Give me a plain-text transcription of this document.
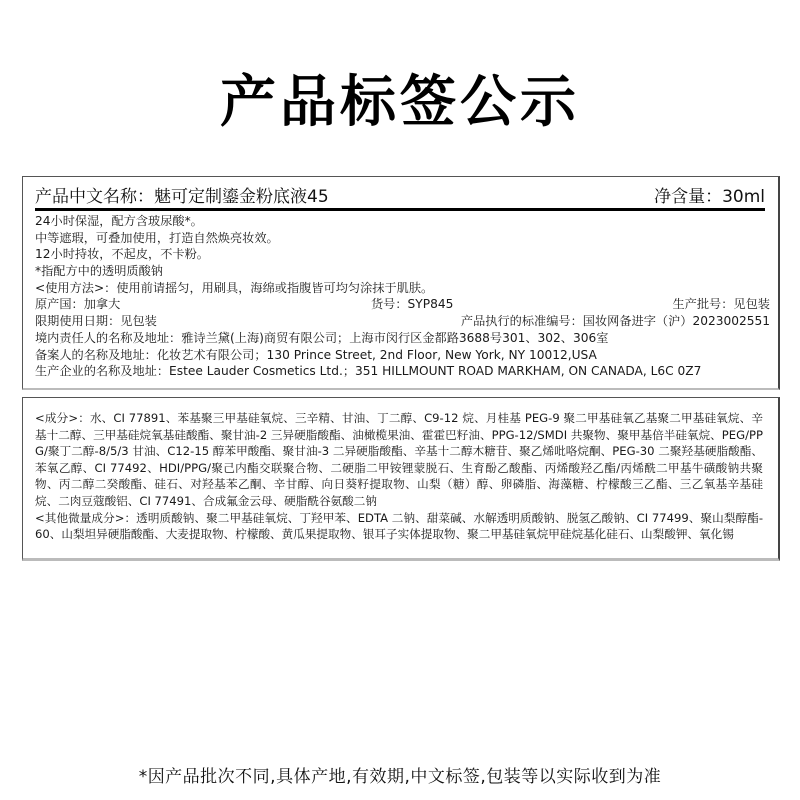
产品标签公示
产品中文名称：魅可定制鎏金粉底液45	净含量：30ml
24小时保湿，配方含玻尿酸*。
中等遮瑕，可叠加使用，打造自然焕亮妆效。
12小时持妆，不起皮，不卡粉。
*指配方中的透明质酸钠
<使用方法>：使用前请摇匀，用刷具，海绵或指腹皆可均匀涂抹于肌肤。
原产国：加拿大	货号：SYP845	生产批号：见包装
限期使用日期：见包装	产品执行的标准编号：国妆网备进字（沪）2023002551
境内责任人的名称及地址：雅诗兰黛(上海)商贸有限公司；上海市闵行区金都路3688号301、302、306室
备案人的名称及地址：化妆艺术有限公司；130 Prince Street, 2nd Floor, New York, NY 10012,USA
生产企业的名称及地址：Estee Lauder Cosmetics Ltd.；351 HILLMOUNT ROAD MARKHAM, ON CANADA, L6C 0Z7
<成分>：水、CI 77891、苯基聚三甲基硅氧烷、三辛精、甘油、丁二醇、C9-12 烷、月桂基 PEG-9 聚二甲基硅氧乙基聚二甲基硅氧烷、辛基十二醇、三甲基硅烷氧基硅酸酯、聚甘油-2 三异硬脂酸酯、油橄榄果油、霍霍巴籽油、PPG-12/SMDI 共聚物、聚甲基倍半硅氧烷、PEG/PPG/聚丁二醇-8/5/3 甘油、C12-15 醇苯甲酸酯、聚甘油-3 二异硬脂酸酯、辛基十二醇木糖苷、聚乙烯吡咯烷酮、PEG-30 二聚羟基硬脂酸酯、苯氧乙醇、CI 77492、HDI/PPG/聚己内酯交联聚合物、二硬脂二甲铵锂蒙脱石、生育酚乙酸酯、丙烯酸羟乙酯/丙烯酰二甲基牛磺酸钠共聚物、丙二醇二癸酸酯、硅石、对羟基苯乙酮、辛甘醇、向日葵籽提取物、山梨（糖）醇、卵磷脂、海藻糖、柠檬酸三乙酯、三乙氧基辛基硅烷、二肉豆蔻酸铝、CI 77491、合成氟金云母、硬脂酰谷氨酸二钠
<其他微量成分>：透明质酸钠、聚二甲基硅氧烷、丁羟甲苯、EDTA 二钠、甜菜碱、水解透明质酸钠、脱氢乙酸钠、CI 77499、聚山梨醇酯-60、山梨坦异硬脂酸酯、大麦提取物、柠檬酸、黄瓜果提取物、银耳子实体提取物、聚二甲基硅氧烷甲硅烷基化硅石、山梨酸钾、氧化锡
*因产品批次不同,具体产地,有效期,中文标签,包装等以实际收到为准
